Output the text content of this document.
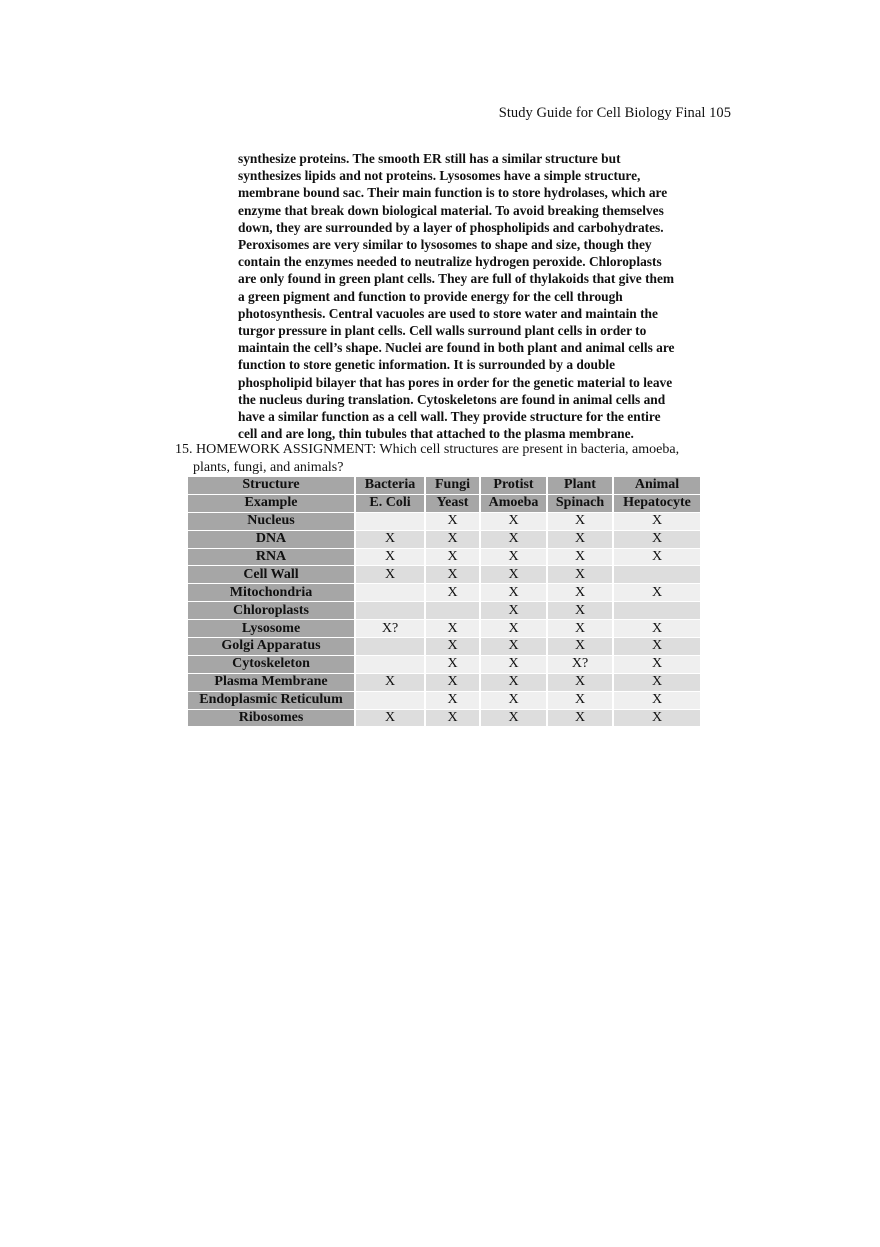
Study Guide for Cell Biology Final 105
synthesize proteins. The smooth ER still has a similar structure but
synthesizes lipids and not proteins. Lysosomes have a simple structure,
membrane bound sac. Their main function is to store hydrolases, which are
enzyme that break down biological material. To avoid breaking themselves
down, they are surrounded by a layer of phospholipids and carbohydrates.
Peroxisomes are very similar to lysosomes to shape and size, though they
contain the enzymes needed to neutralize hydrogen peroxide. Chloroplasts
are only found in green plant cells. They are full of thylakoids that give them
a green pigment and function to provide energy for the cell through
photosynthesis. Central vacuoles are used to store water and maintain the
turgor pressure in plant cells. Cell walls surround plant cells in order to
maintain the cell’s shape. Nuclei are found in both plant and animal cells are
function to store genetic information. It is surrounded by a double
phospholipid bilayer that has pores in order for the genetic material to leave
the nucleus during translation. Cytoskeletons are found in animal cells and
have a similar function as a cell wall. They provide structure for the entire
cell and are long, thin tubules that attached to the plasma membrane.
15. HOMEWORK ASSIGNMENT: Which cell structures are present in bacteria, amoeba,
plants, fungi, and animals?
Structure	Bacteria	Fungi	Protist	Plant	Animal
Example	E. Coli	Yeast	Amoeba	Spinach	Hepatocyte
Nucleus		X	X	X	X
DNA	X	X	X	X	X
RNA	X	X	X	X	X
Cell Wall	X	X	X	X	
Mitochondria		X	X	X	X
Chloroplasts			X	X	
Lysosome	X?	X	X	X	X
Golgi Apparatus		X	X	X	X
Cytoskeleton		X	X	X?	X
Plasma Membrane	X	X	X	X	X
Endoplasmic Reticulum		X	X	X	X
Ribosomes	X	X	X	X	X
